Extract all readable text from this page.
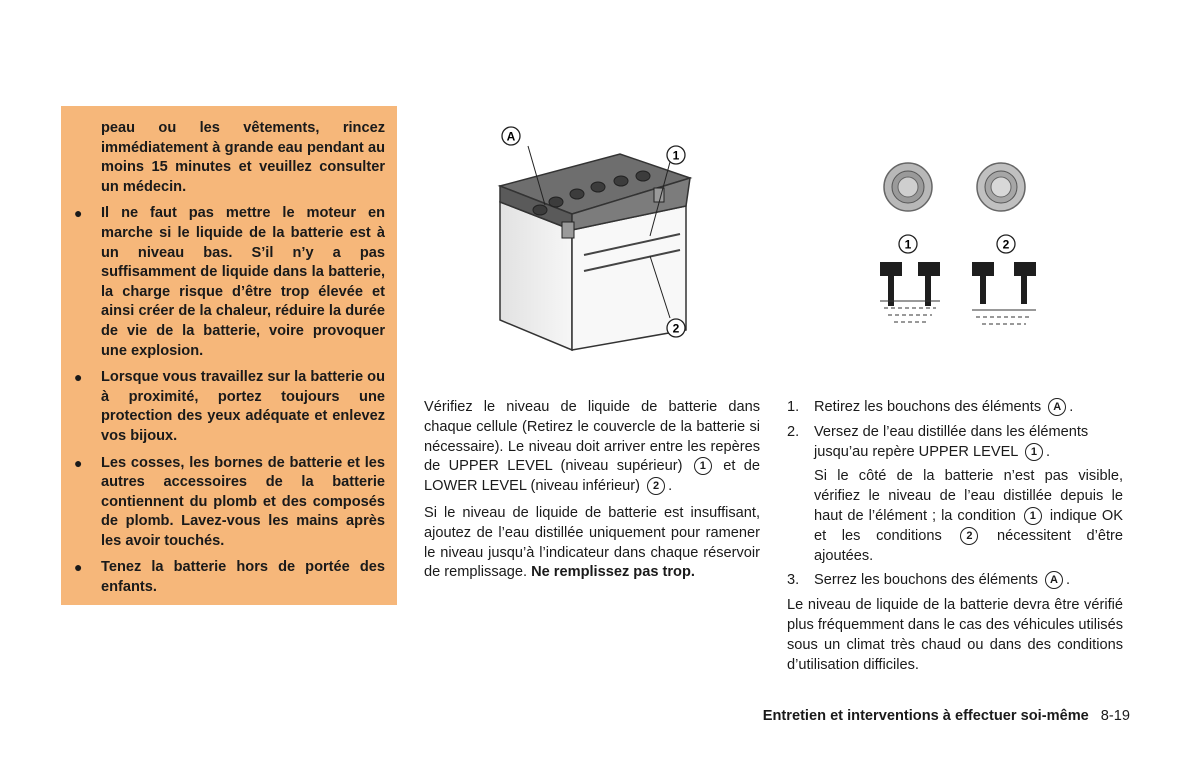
peau ou les vêtements, rincez immédiatement à grande eau pendant au moins 15 minutes et veuillez consulter un médecin.

● Il ne faut pas mettre le moteur en marche si le liquide de la batterie est à un niveau bas. S’il n’y a pas suffisamment de liquide dans la batterie, la charge risque d’être trop élevée et ainsi créer de la chaleur, réduire la durée de vie de la batterie, voire provoquer une explosion.
● Lorsque vous travaillez sur la batterie ou à proximité, portez toujours une protection des yeux adéquate et enlevez vos bijoux.
● Les cosses, les bornes de batterie et les autres accessoires de la batterie contiennent du plomb et des composés de plomb. Lavez-vous les mains après les avoir touchés.
● Tenez la batterie hors de portée des enfants.
A
1
2
1	2

Vérifiez le niveau de liquide de batterie dans chaque cellule (Retirez le couvercle de la batterie si nécessaire). Le niveau doit arriver entre les repères de UPPER LEVEL (niveau supérieur) 1 et de LOWER LEVEL (niveau inférieur) 2 .

Si le niveau de liquide de batterie est insuffisant, ajoutez de l’eau distillée uniquement pour ramener le niveau jusqu’à l’indicateur dans chaque réservoir de remplissage. Ne remplissez pas trop.

1. Retirez les bouchons des éléments A .
2. Versez de l’eau distillée dans les éléments jusqu’au repère UPPER LEVEL 1 .

Si le côté de la batterie n’est pas visible, vérifiez le niveau de l’eau distillée depuis le haut de l’élément ; la condition 1 indique OK et les conditions 2 nécessitent d’être ajoutées.

3. Serrez les bouchons des éléments A .

Le niveau de liquide de la batterie devra être vérifié plus fréquemment dans le cas des véhicules utilisés sous un climat très chaud ou dans des conditions d’utilisation difficiles.

Entretien et interventions à effectuer soi-même 8-19
